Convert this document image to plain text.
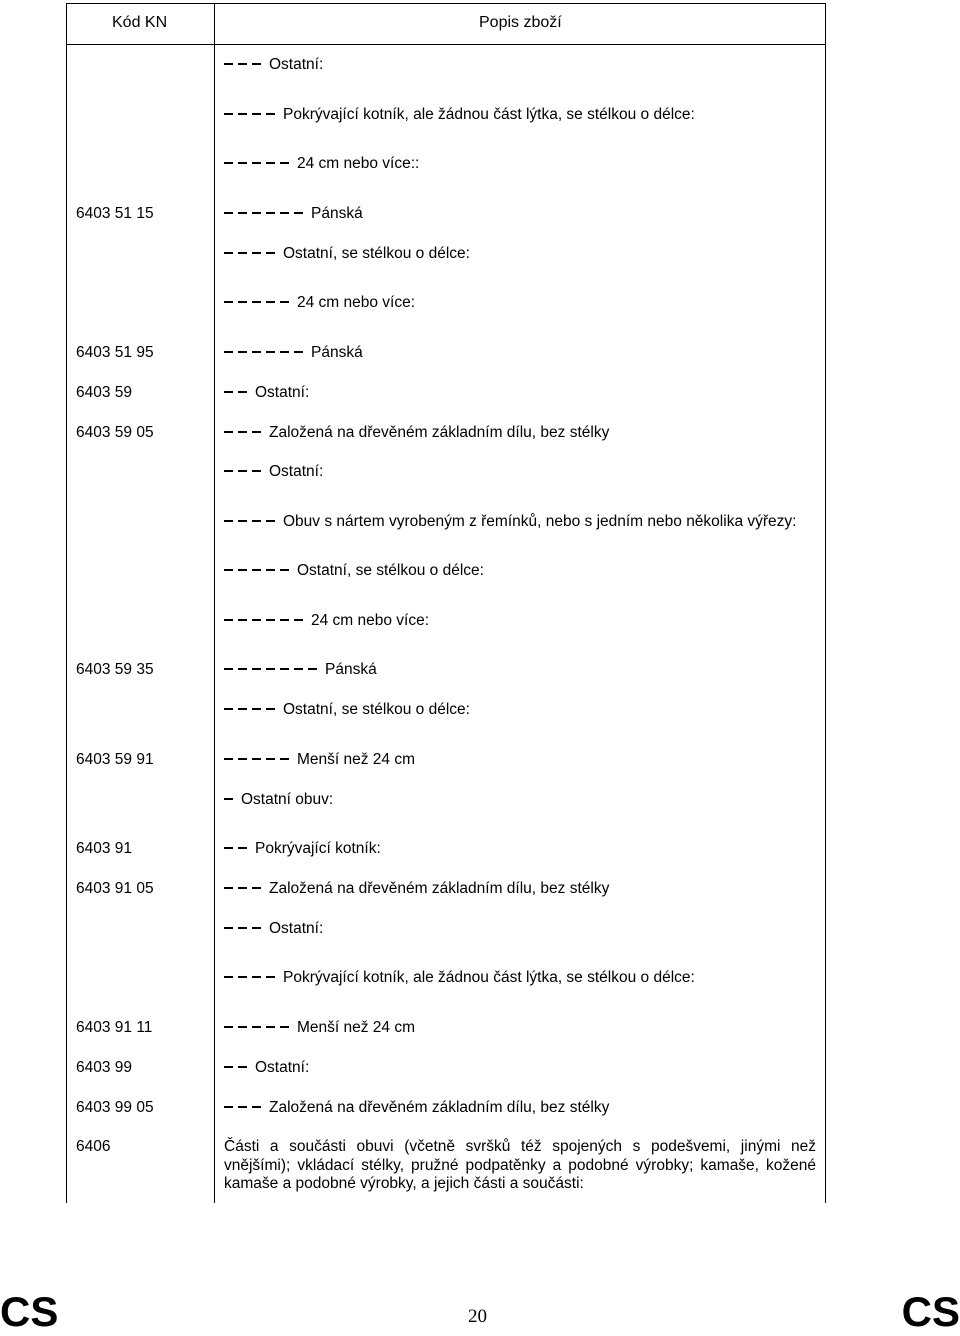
Kód KN	Popis zboží
Ostatní:
Pokrývající kotník, ale žádnou část lýtka, se stélkou o délce:
24 cm nebo více::
6403 51 15	Pánská
Ostatní, se stélkou o délce:
24 cm nebo více:
6403 51 95	Pánská
6403 59	Ostatní:
6403 59 05	Založená na dřevěném základním dílu, bez stélky
Ostatní:
Obuv s nártem vyrobeným z řemínků, nebo s jedním nebo několika výřezy:
Ostatní, se stélkou o délce:
24 cm nebo více:
6403 59 35	Pánská
Ostatní, se stélkou o délce:
6403 59 91	Menší než 24 cm
Ostatní obuv:
6403 91	Pokrývající kotník:
6403 91 05	Založená na dřevěném základním dílu, bez stélky
Ostatní:
Pokrývající kotník, ale žádnou část lýtka, se stélkou o délce:
6403 91 11	Menší než 24 cm
6403 99	Ostatní:
6403 99 05	Založená na dřevěném základním dílu, bez stélky
6406	Části a součásti obuvi (včetně svršků též spojených s podešvemi, jinými než vnějšími); vkládací stélky, pružné podpatěnky a podobné výrobky; kamaše, kožené kamaše a podobné výrobky, a jejich části a součásti:
CS	CS
20
